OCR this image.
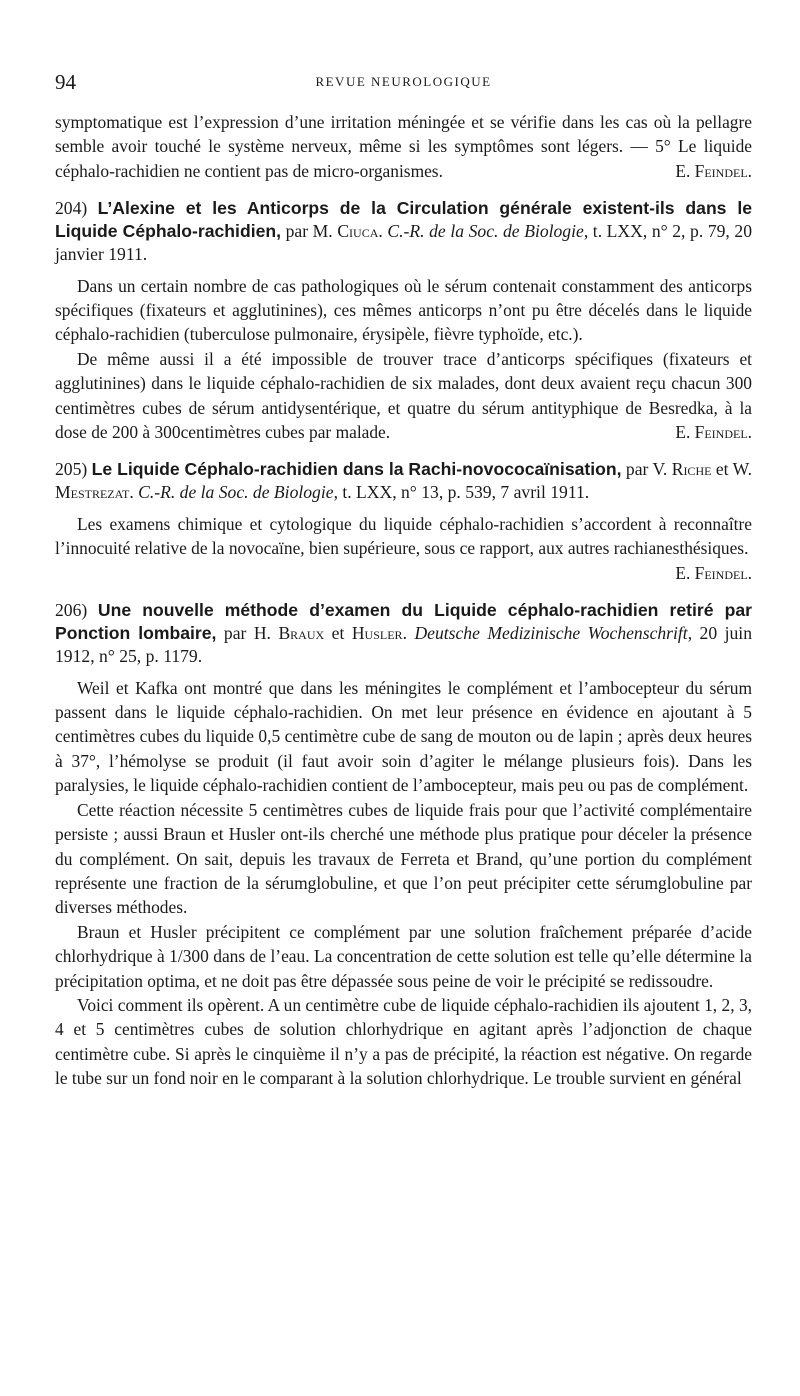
94	REVUE NEUROLOGIQUE

symptomatique est l’expression d’une irritation méningée et se vérifie dans les cas où la pellagre semble avoir touché le système nerveux, même si les symptômes sont légers. — 5° Le liquide céphalo-rachidien ne contient pas de micro-organismes.	E. Feindel.

204) L’Alexine et les Anticorps de la Circulation générale existent-ils dans le Liquide Céphalo-rachidien, par M. Ciuca. C.-R. de la Soc. de Biologie, t. LXX, n° 2, p. 79, 20 janvier 1911.

Dans un certain nombre de cas pathologiques où le sérum contenait constamment des anticorps spécifiques (fixateurs et agglutinines), ces mêmes anticorps n’ont pu être décelés dans le liquide céphalo-rachidien (tuberculose pulmonaire, érysipèle, fièvre typhoïde, etc.).

De même aussi il a été impossible de trouver trace d’anticorps spécifiques (fixateurs et agglutinines) dans le liquide céphalo-rachidien de six malades, dont deux avaient reçu chacun 300 centimètres cubes de sérum antidysentérique, et quatre du sérum antityphique de Besredka, à la dose de 200 à 300centimètres cubes par malade.	E. Feindel.

205) Le Liquide Céphalo-rachidien dans la Rachi-novococaïnisation, par V. Riche et W. Mestrezat. C.-R. de la Soc. de Biologie, t. LXX, n° 13, p. 539, 7 avril 1911.

Les examens chimique et cytologique du liquide céphalo-rachidien s’accordent à reconnaître l’innocuité relative de la novocaïne, bien supérieure, sous ce rapport, aux autres rachianesthésiques.
E. Feindel.

206) Une nouvelle méthode d’examen du Liquide céphalo-rachidien retiré par Ponction lombaire, par H. Braux et Husler. Deutsche Medizinische Wochenschrift, 20 juin 1912, n° 25, p. 1179.

Weil et Kafka ont montré que dans les méningites le complément et l’ambocepteur du sérum passent dans le liquide céphalo-rachidien. On met leur présence en évidence en ajoutant à 5 centimètres cubes du liquide 0,5 centimètre cube de sang de mouton ou de lapin ; après deux heures à 37°, l’hémolyse se produit (il faut avoir soin d’agiter le mélange plusieurs fois). Dans les paralysies, le liquide céphalo-rachidien contient de l’ambocepteur, mais peu ou pas de complément.

Cette réaction nécessite 5 centimètres cubes de liquide frais pour que l’activité complémentaire persiste ; aussi Braun et Husler ont-ils cherché une méthode plus pratique pour déceler la présence du complément. On sait, depuis les travaux de Ferreta et Brand, qu’une portion du complément représente une fraction de la sérumglobuline, et que l’on peut précipiter cette sérumglobuline par diverses méthodes.

Braun et Husler précipitent ce complément par une solution fraîchement préparée d’acide chlorhydrique à 1/300 dans de l’eau. La concentration de cette solution est telle qu’elle détermine la précipitation optima, et ne doit pas être dépassée sous peine de voir le précipité se redissoudre.

Voici comment ils opèrent. A un centimètre cube de liquide céphalo-rachidien ils ajoutent 1, 2, 3, 4 et 5 centimètres cubes de solution chlorhydrique en agitant après l’adjonction de chaque centimètre cube. Si après le cinquième il n’y a pas de précipité, la réaction est négative. On regarde le tube sur un fond noir en le comparant à la solution chlorhydrique. Le trouble survient en général
